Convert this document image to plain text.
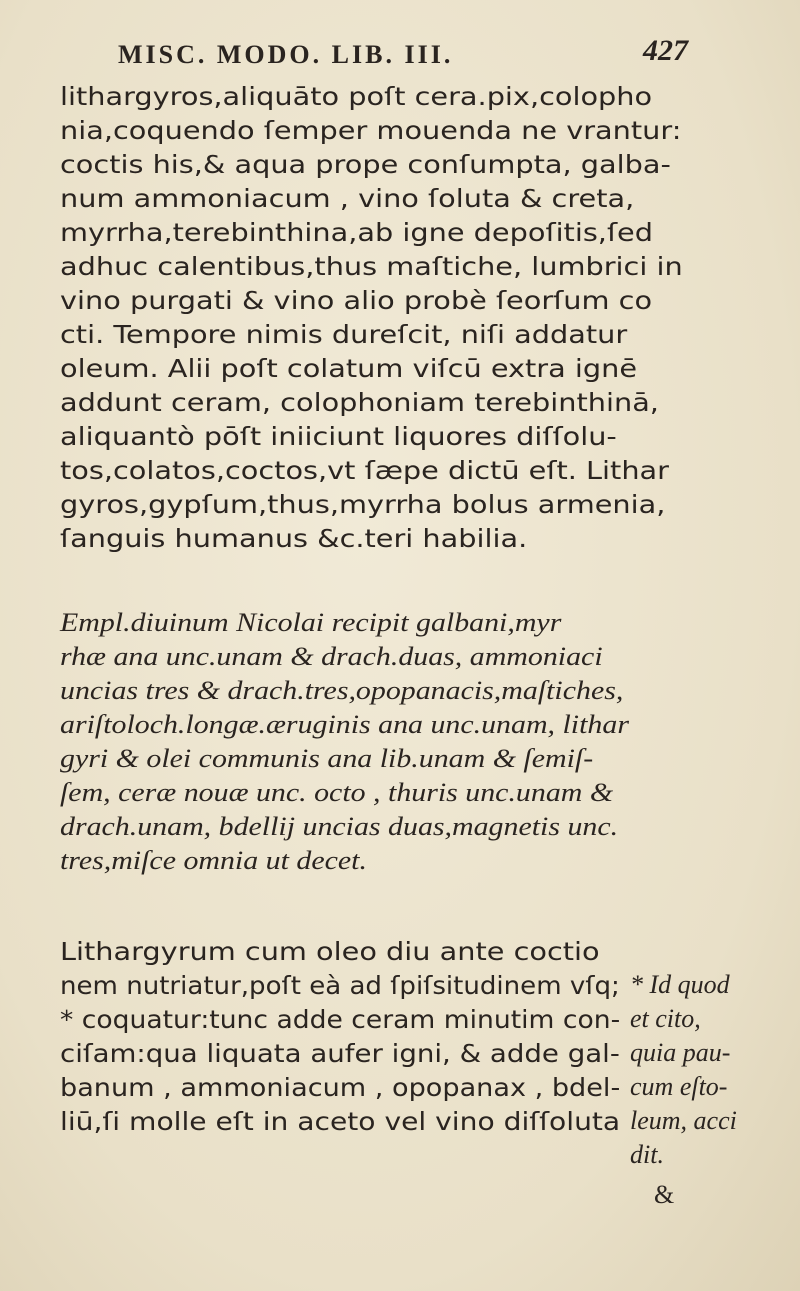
MISC. MODO. LIB. III.	427
lithargyros,aliquāto poſt cera.pix,colopho
nia,coquendo ſemper mouenda ne vrantur:
coctis his,& aqua prope conſumpta, galba-
num ammoniacum , vino ſoluta & creta,
myrrha,terebinthina,ab igne depoſitis,ſed
adhuc calentibus,thus maſtiche, lumbrici in
vino purgati & vino alio probè ſeorſum co
cti. Tempore nimis dureſcit, niſi addatur
oleum. Alii poſt colatum viſcū extra ignē
addunt ceram, colophoniam terebinthinā,
aliquantò pōſt iniiciunt liquores diſſolu-
tos,colatos,coctos,vt ſæpe dictū eſt. Lithar
gyros,gypſum,thus,myrrha bolus armenia,
ſanguis humanus &c.teri habilia.
Empl.diuinum Nicolai recipit galbani,myr
rhæ ana unc.unam & drach.duas, ammoniaci
uncias tres & drach.tres,opopanacis,maſtiches,
ariſtoloch.longæ.æruginis ana unc.unam, lithar
gyri & olei communis ana lib.unam & ſemiſ-
ſem, ceræ nouæ unc. octo , thuris unc.unam &
drach.unam, bdellij uncias duas,magnetis unc.
tres,miſce omnia ut decet.
Lithargyrum cum oleo diu ante coctio
nem nutriatur,poſt eà ad ſpiſsitudinem vſq;
* coquatur:tunc adde ceram minutim con-
ciſam:qua liquata aufer igni, & adde gal-
banum , ammoniacum , opopanax , bdel-
liū,ſi molle eſt in aceto vel vino diſſoluta
* Id quod
et cito,
quia pau-
cum eſto-
leum, acci
dit.
&
